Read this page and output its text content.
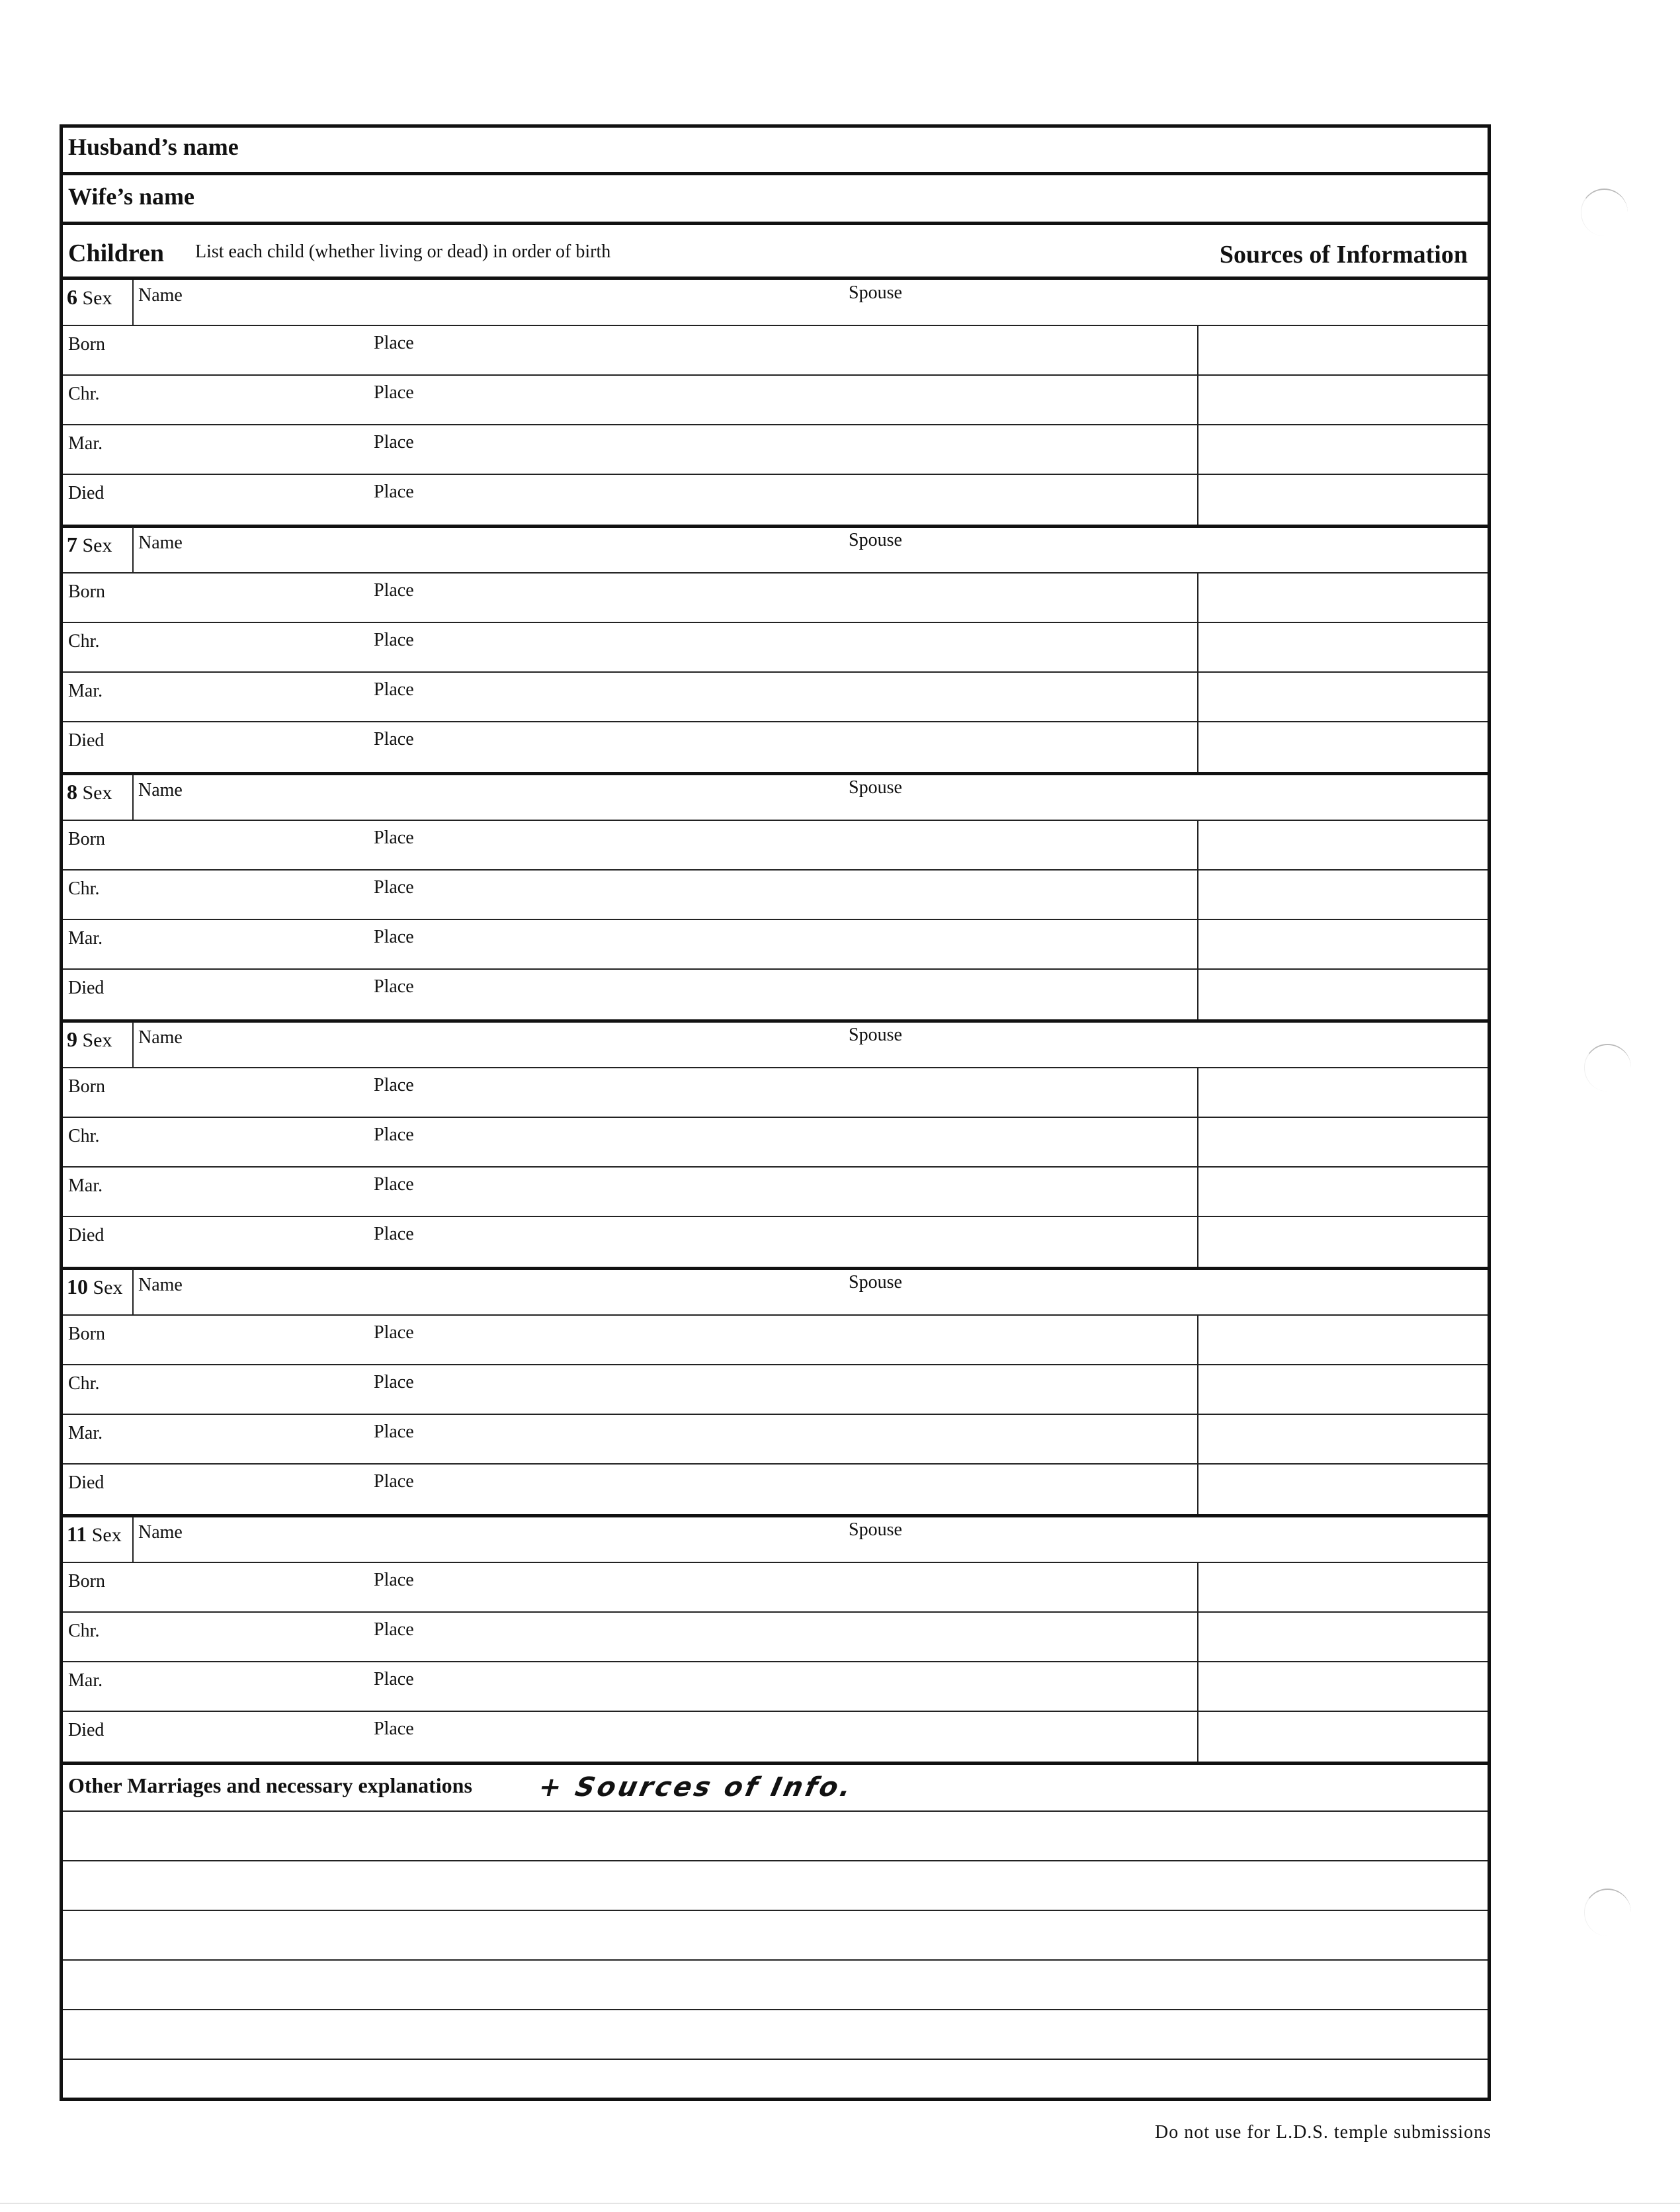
Husband’s name
Wife’s name
Children List each child (whether living or dead) in order of birth	Sources of Information
6 Sex Name	Spouse
Born	Place
Chr.	Place
Mar.	Place
Died	Place
7 Sex Name	Spouse
Born	Place
Chr.	Place
Mar.	Place
Died	Place
8 Sex Name	Spouse
Born	Place
Chr.	Place
Mar.	Place
Died	Place
9 Sex Name	Spouse
Born	Place
Chr.	Place
Mar.	Place
Died	Place
10 Sex Name	Spouse
Born	Place
Chr.	Place
Mar.	Place
Died	Place
11 Sex Name	Spouse
Born	Place
Chr.	Place
Mar.	Place
Died	Place
Other Marriages and necessary explanations + Sources of Info.
Do not use for L.D.S. temple submissions
